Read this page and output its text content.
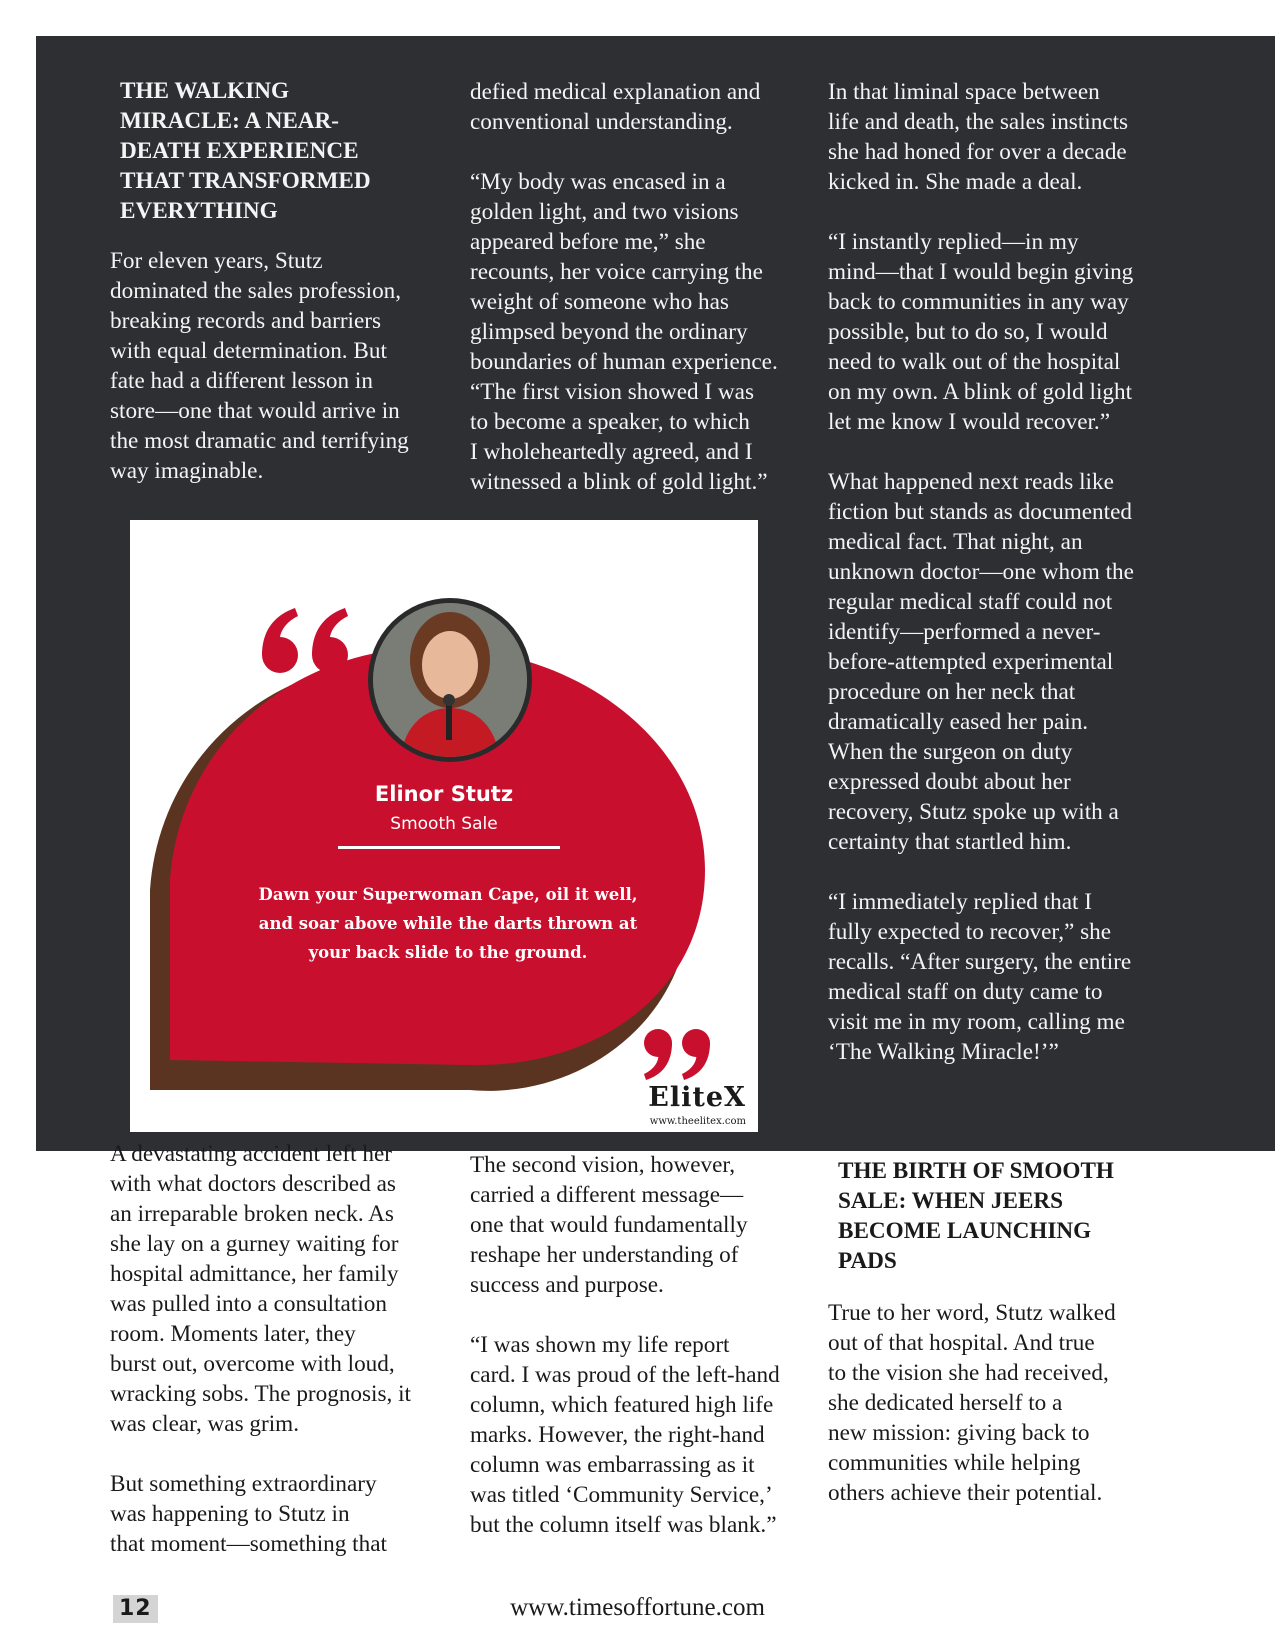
THE WALKING
MIRACLE: A NEAR-
DEATH EXPERIENCE
THAT TRANSFORMED
EVERYTHING

For eleven years, Stutz
dominated the sales profession,
breaking records and barriers
with equal determination. But
fate had a different lesson in
store—one that would arrive in
the most dramatic and terrifying
way imaginable.

defied medical explanation and
conventional understanding.

“My body was encased in a
golden light, and two visions
appeared before me,” she
recounts, her voice carrying the
weight of someone who has
glimpsed beyond the ordinary
boundaries of human experience.
“The first vision showed I was
to become a speaker, to which
I wholeheartedly agreed, and I
witnessed a blink of gold light.”

In that liminal space between
life and death, the sales instincts
she had honed for over a decade
kicked in. She made a deal.

“I instantly replied—in my
mind—that I would begin giving
back to communities in any way
possible, but to do so, I would
need to walk out of the hospital
on my own. A blink of gold light
let me know I would recover.”

What happened next reads like
fiction but stands as documented
medical fact. That night, an
unknown doctor—one whom the
regular medical staff could not
identify—performed a never-
before-attempted experimental
procedure on her neck that
dramatically eased her pain.
When the surgeon on duty
expressed doubt about her
recovery, Stutz spoke up with a
certainty that startled him.

“I immediately replied that I
fully expected to recover,” she
recalls. “After surgery, the entire
medical staff on duty came to
visit me in my room, calling me
‘The Walking Miracle!’”

Elinor Stutz
Smooth Sale
Dawn your Superwoman Cape, oil it well, and soar above while the darts thrown at your back slide to the ground.
EliteX
www.theelitex.com

A devastating accident left her
with what doctors described as
an irreparable broken neck. As
she lay on a gurney waiting for
hospital admittance, her family
was pulled into a consultation
room. Moments later, they
burst out, overcome with loud,
wracking sobs. The prognosis, it
was clear, was grim.

But something extraordinary
was happening to Stutz in
that moment—something that

The second vision, however,
carried a different message—
one that would fundamentally
reshape her understanding of
success and purpose.

“I was shown my life report
card. I was proud of the left-hand
column, which featured high life
marks. However, the right-hand
column was embarrassing as it
was titled ‘Community Service,’
but the column itself was blank.”

THE BIRTH OF SMOOTH
SALE: WHEN JEERS
BECOME LAUNCHING
PADS

True to her word, Stutz walked
out of that hospital. And true
to the vision she had received,
she dedicated herself to a
new mission: giving back to
communities while helping
others achieve their potential.

12	www.timesoffortune.com
